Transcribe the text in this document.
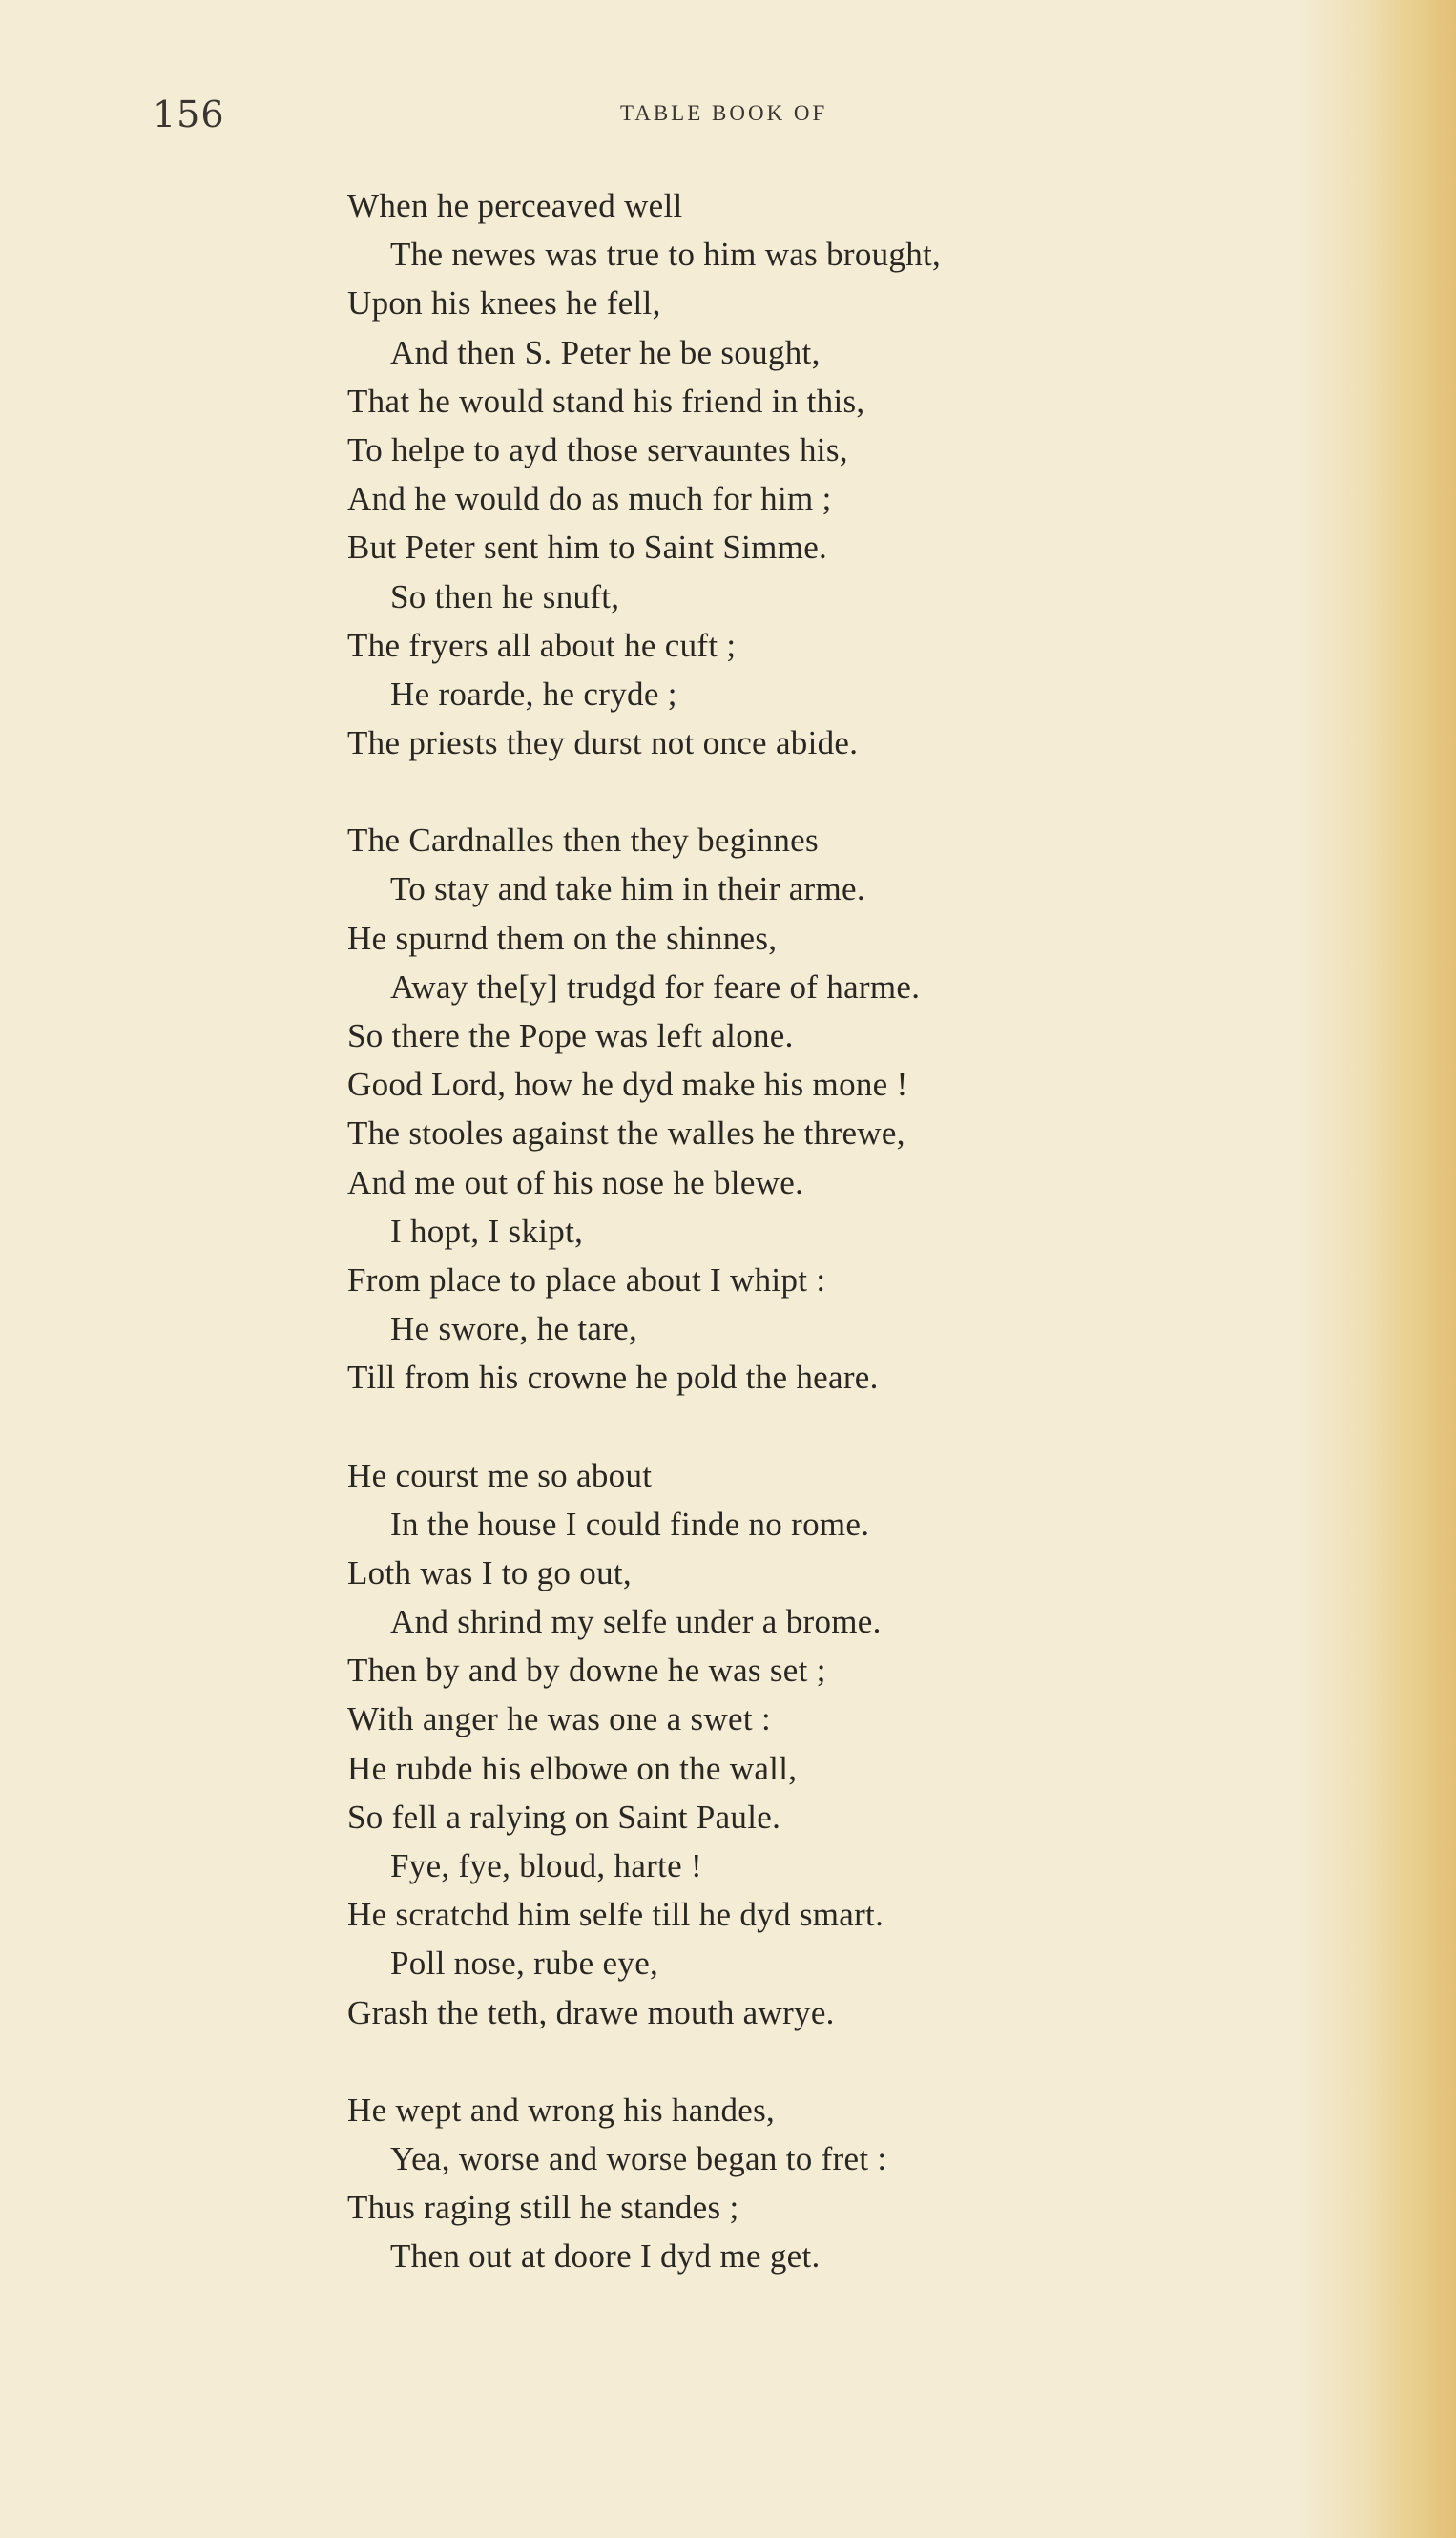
156	TABLE BOOK OF
When he perceaved well
The newes was true to him was brought,
Upon his knees he fell,
And then S. Peter he be sought,
That he would stand his friend in this,
To helpe to ayd those servauntes his,
And he would do as much for him ;
But Peter sent him to Saint Simme.
So then he snuft,
The fryers all about he cuft ;
He roarde, he cryde ;
The priests they durst not once abide.
The Cardnalles then they beginnes
To stay and take him in their arme.
He spurnd them on the shinnes,
Away the[y] trudgd for feare of harme.
So there the Pope was left alone.
Good Lord, how he dyd make his mone !
The stooles against the walles he threwe,
And me out of his nose he blewe.
I hopt, I skipt,
From place to place about I whipt :
He swore, he tare,
Till from his crowne he pold the heare.
He courst me so about
In the house I could finde no rome.
Loth was I to go out,
And shrind my selfe under a brome.
Then by and by downe he was set ;
With anger he was one a swet :
He rubde his elbowe on the wall,
So fell a ralying on Saint Paule.
Fye, fye, bloud, harte !
He scratchd him selfe till he dyd smart.
Poll nose, rube eye,
Grash the teth, drawe mouth awrye.
He wept and wrong his handes,
Yea, worse and worse began to fret :
Thus raging still he standes ;
Then out at doore I dyd me get.
